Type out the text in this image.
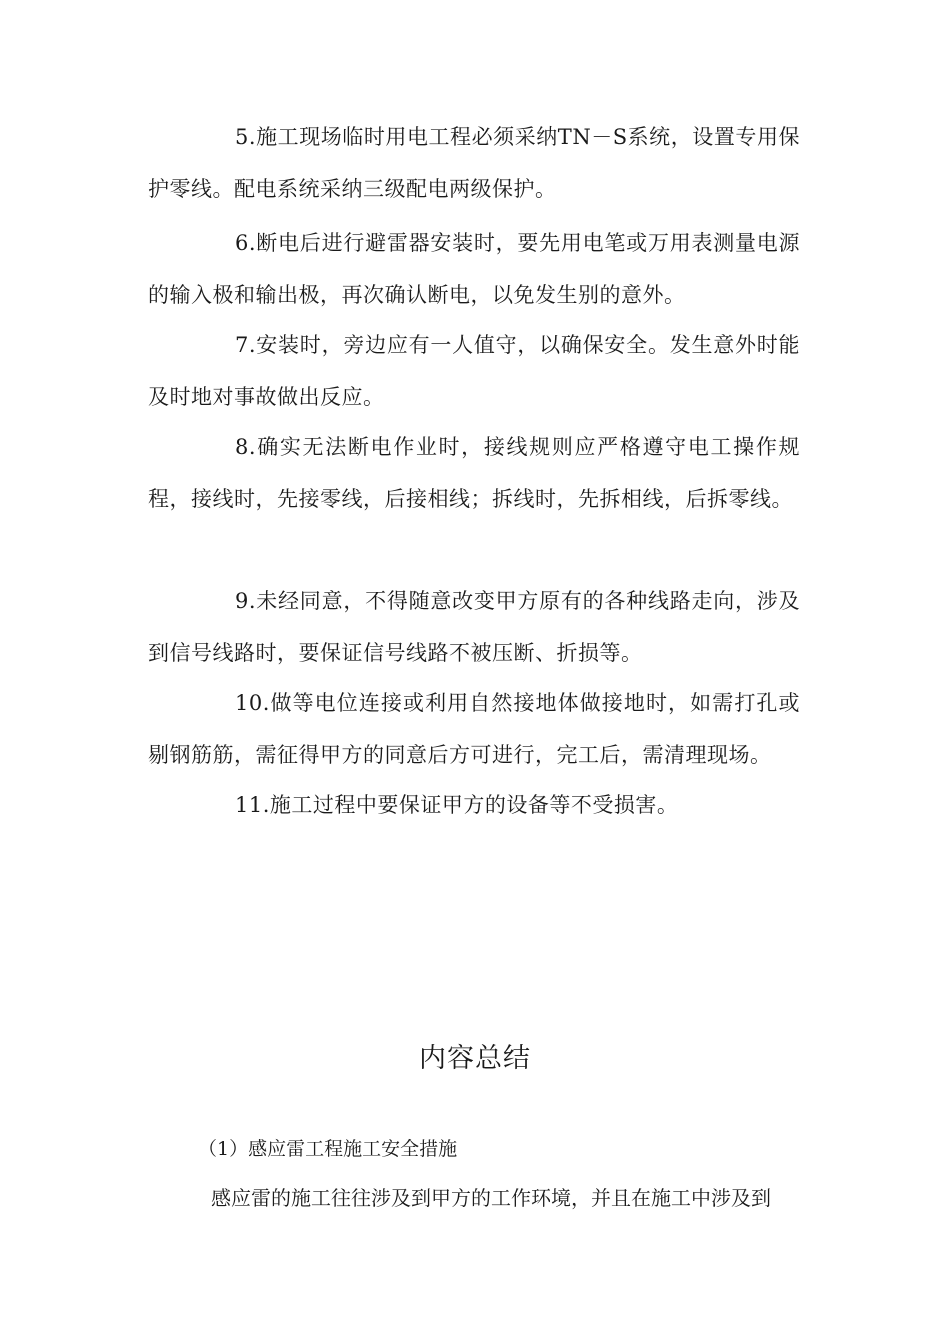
5.施工现场临时用电工程必须采纳TN－S系统，设置专用保护零线。配电系统采纳三级配电两级保护。

6.断电后进行避雷器安装时，要先用电笔或万用表测量电源的输入极和输出极，再次确认断电，以免发生别的意外。

7.安装时，旁边应有一人值守，以确保安全。发生意外时能及时地对事故做出反应。

8.确实无法断电作业时，接线规则应严格遵守电工操作规程，接线时，先接零线，后接相线；拆线时，先拆相线，后拆零线。

9.未经同意，不得随意改变甲方原有的各种线路走向，涉及到信号线路时，要保证信号线路不被压断、折损等。

10.做等电位连接或利用自然接地体做接地时，如需打孔或剔钢筋筋，需征得甲方的同意后方可进行，完工后，需清理现场。

11.施工过程中要保证甲方的设备等不受损害。

内容总结

（1）感应雷工程施工安全措施

感应雷的施工往往涉及到甲方的工作环境，并且在施工中涉及到
